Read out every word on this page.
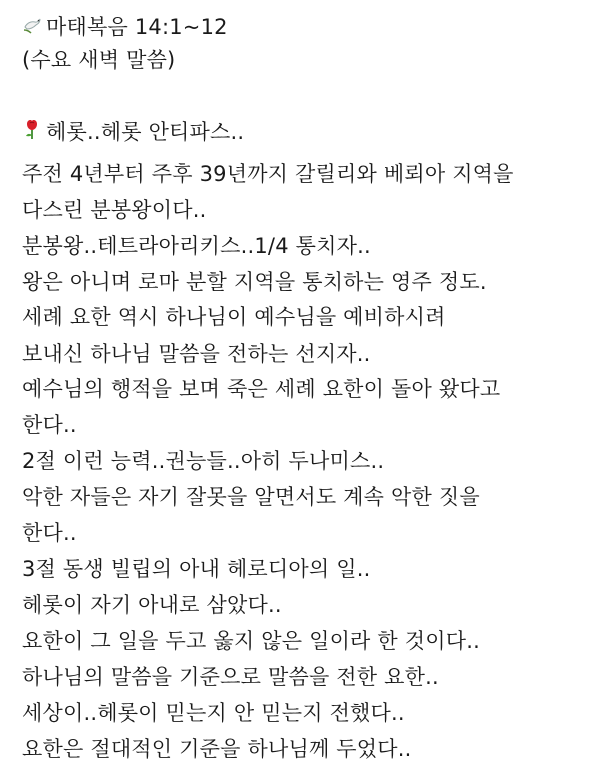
마태복음 14:1~12
(수요 새벽 말씀)
헤롯..헤롯 안티파스..
주전 4년부터 주후 39년까지 갈릴리와 베뢰아 지역을
다스린 분봉왕이다..
분봉왕..테트라아리키스..1/4 통치자..
왕은 아니며 로마 분할 지역을 통치하는 영주 정도.
세례 요한 역시 하나님이 예수님을 예비하시려
보내신 하나님 말씀을 전하는 선지자..
예수님의 행적을 보며 죽은 세례 요한이 돌아 왔다고
한다..
2절 이런 능력..권능들..아히 두나미스..
악한 자들은 자기 잘못을 알면서도 계속 악한 짓을
한다..
3절 동생 빌립의 아내 헤로디아의 일..
헤롯이 자기 아내로 삼았다..
요한이 그 일을 두고 옳지 않은 일이라 한 것이다..
하나님의 말씀을 기준으로 말씀을 전한 요한..
세상이..헤롯이 믿는지 안 믿는지 전했다..
요한은 절대적인 기준을 하나님께 두었다..
